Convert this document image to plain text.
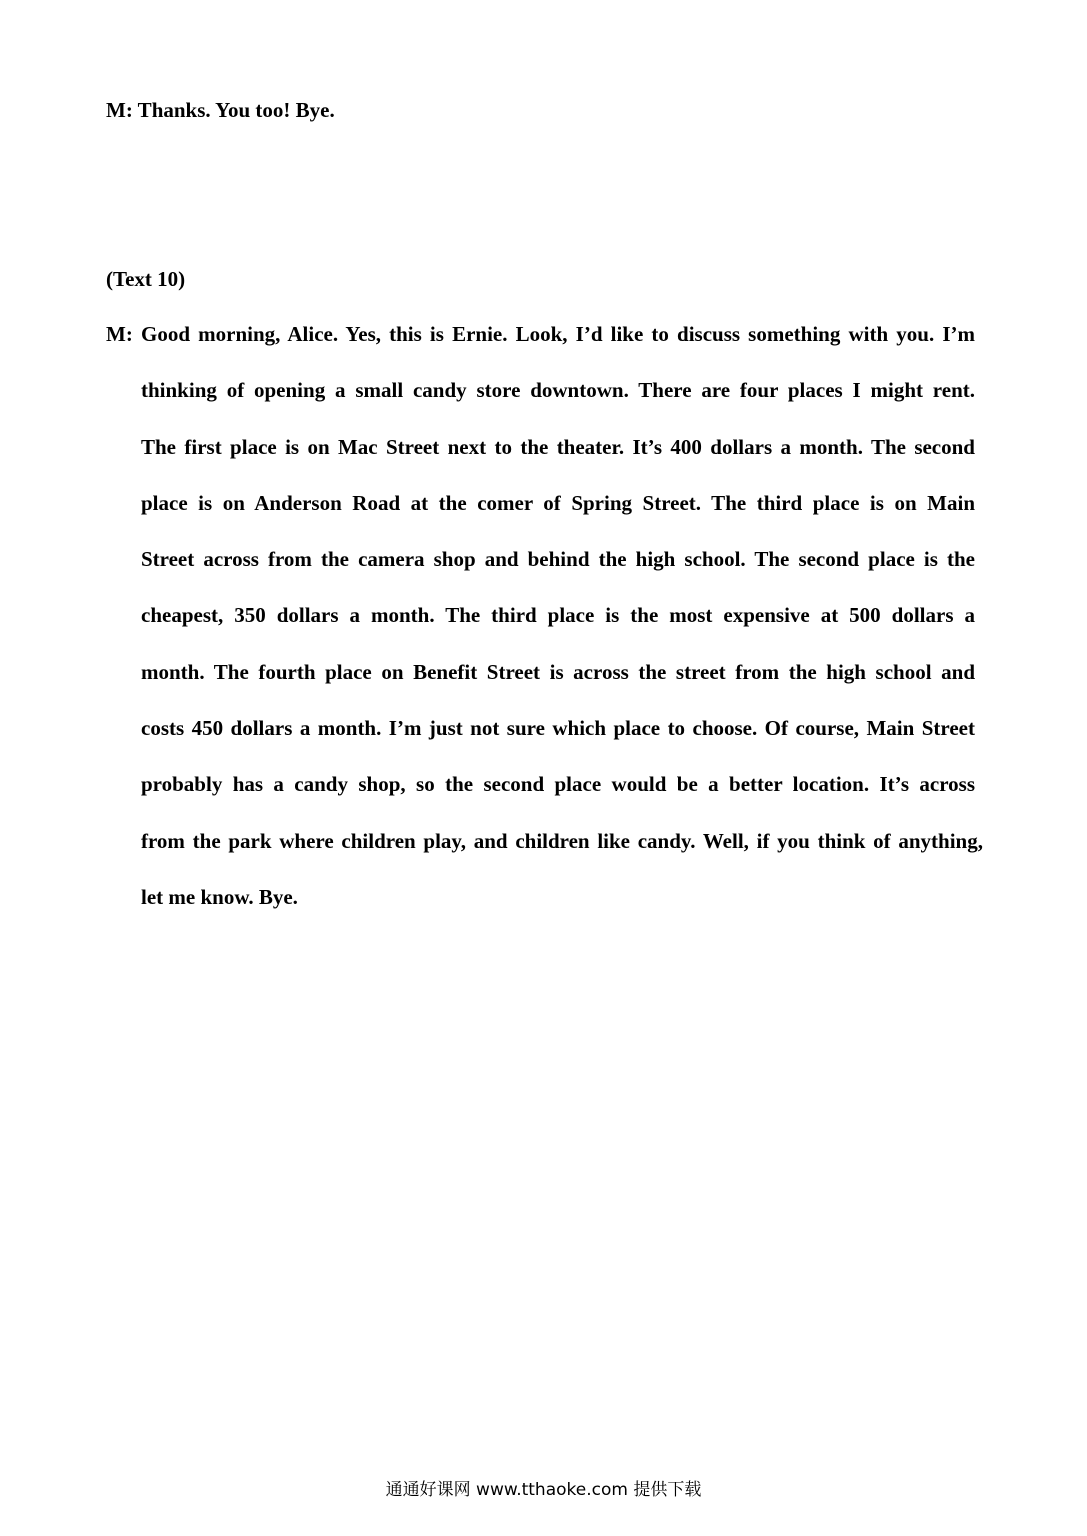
M: Thanks. You too! Bye.
(Text 10)
M: Good morning, Alice. Yes, this is Ernie. Look, I’d like to discuss something with you. I’m
thinking of opening a small candy store downtown. There are four places I might rent.
The first place is on Mac Street next to the theater. It’s 400 dollars a month. The second
place is on Anderson Road at the comer of Spring Street. The third place is on Main
Street across from the camera shop and behind the high school. The second place is the
cheapest, 350 dollars a month. The third place is the most expensive at 500 dollars a
month. The fourth place on Benefit Street is across the street from the high school and
costs 450 dollars a month. I’m just not sure which place to choose. Of course, Main Street
probably has a candy shop, so the second place would be a better location. It’s across
from the park where children play, and children like candy. Well, if you think of anything,
let me know. Bye.
通通好课网 www.tthaoke.com 提供下载
